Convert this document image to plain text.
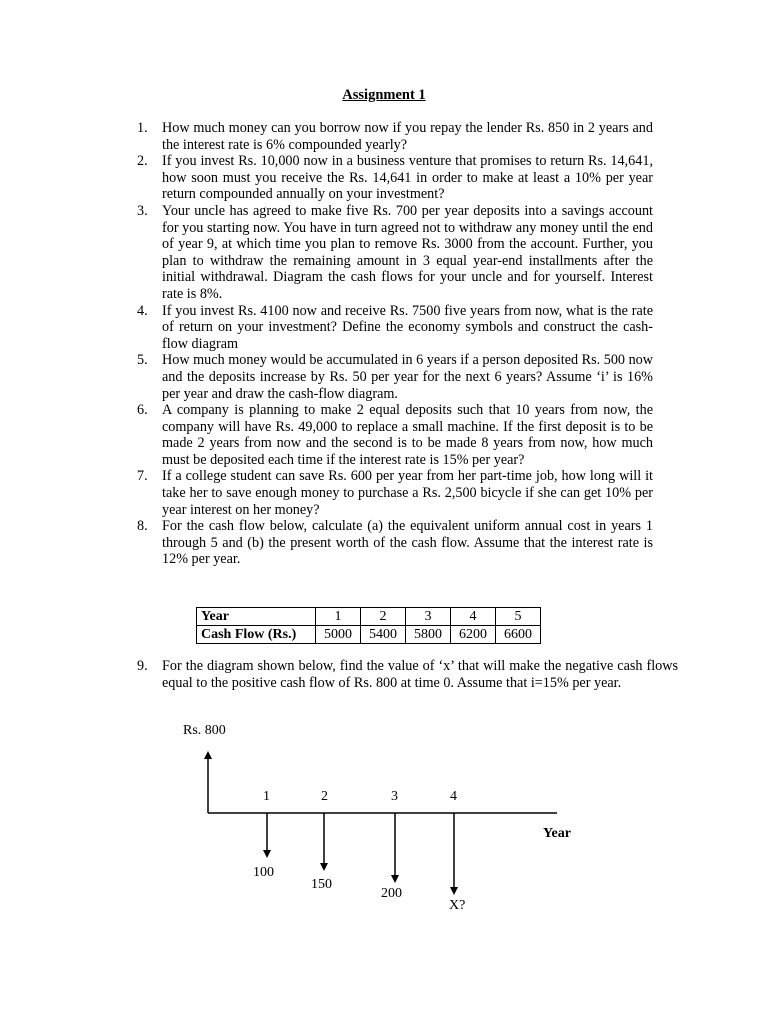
Assignment 1
1. How much money can you borrow now if you repay the lender Rs. 850 in 2 years and the interest rate is 6% compounded yearly?
2. If you invest Rs. 10,000 now in a business venture that promises to return Rs. 14,641, how soon must you receive the Rs. 14,641 in order to make at least a 10% per year return compounded annually on your investment?
3. Your uncle has agreed to make five Rs. 700 per year deposits into a savings account for you starting now. You have in turn agreed not to withdraw any money until the end of year 9, at which time you plan to remove Rs. 3000 from the account. Further, you plan to withdraw the remaining amount in 3 equal year-end installments after the initial withdrawal. Diagram the cash flows for your uncle and for yourself. Interest rate is 8%.
4. If you invest Rs. 4100 now and receive Rs. 7500 five years from now, what is the rate of return on your investment? Define the economy symbols and construct the cash-flow diagram
5. How much money would be accumulated in 6 years if a person deposited Rs. 500 now and the deposits increase by Rs. 50 per year for the next 6 years? Assume ‘i’ is 16% per year and draw the cash-flow diagram.
6. A company is planning to make 2 equal deposits such that 10 years from now, the company will have Rs. 49,000 to replace a small machine. If the first deposit is to be made 2 years from now and the second is to be made 8 years from now, how much must be deposited each time if the interest rate is 15% per year?
7. If a college student can save Rs. 600 per year from her part-time job, how long will it take her to save enough money to purchase a Rs. 2,500 bicycle if she can get 10% per year interest on her money?
8. For the cash flow below, calculate (a) the equivalent uniform annual cost in years 1 through 5 and (b) the present worth of the cash flow. Assume that the interest rate is 12% per year.
Year	1	2	3	4	5
Cash Flow (Rs.)	5000	5400	5800	6200	6600
9. For the diagram shown below, find the value of ‘x’ that will make the negative cash flows equal to the positive cash flow of Rs. 800 at time 0. Assume that i=15% per year.
Rs. 800
1	2	3	4
Year
100
150
200
X?
